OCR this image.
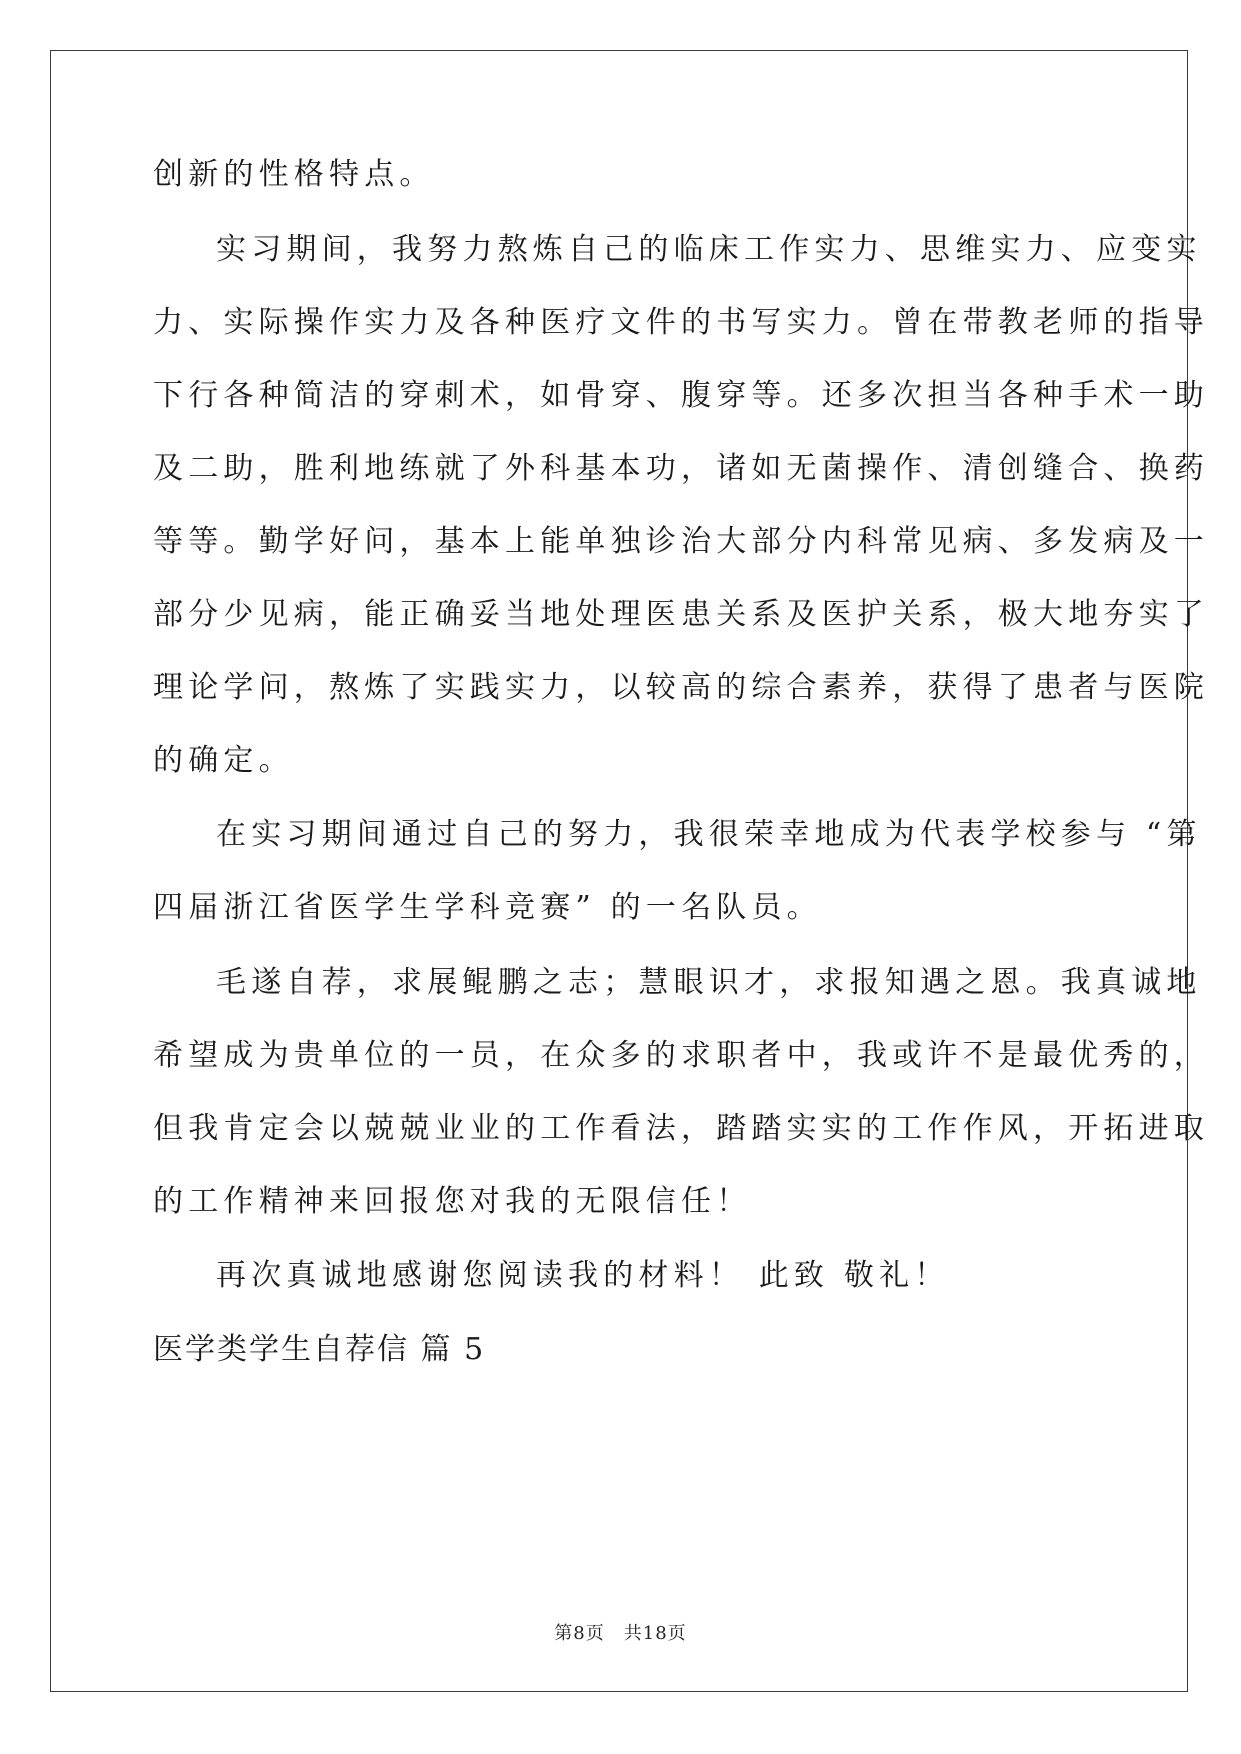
创新的性格特点。
实习期间，我努力熬炼自己的临床工作实力、思维实力、应变实
力、实际操作实力及各种医疗文件的书写实力。曾在带教老师的指导
下行各种简洁的穿刺术，如骨穿、腹穿等。还多次担当各种手术一助
及二助，胜利地练就了外科基本功，诸如无菌操作、清创缝合、换药
等等。勤学好问，基本上能单独诊治大部分内科常见病、多发病及一
部分少见病，能正确妥当地处理医患关系及医护关系，极大地夯实了
理论学问，熬炼了实践实力，以较高的综合素养，获得了患者与医院
的确定。
在实习期间通过自己的努力，我很荣幸地成为代表学校参与 “第
四届浙江省医学生学科竞赛” 的一名队员。
毛遂自荐，求展鲲鹏之志；慧眼识才，求报知遇之恩。我真诚地
希望成为贵单位的一员，在众多的求职者中，我或许不是最优秀的，
但我肯定会以兢兢业业的工作看法，踏踏实实的工作作风，开拓进取
的工作精神来回报您对我的无限信任！
再次真诚地感谢您阅读我的材料！ 此致 敬礼！
医学类学生自荐信 篇 5
第8页　共18页
